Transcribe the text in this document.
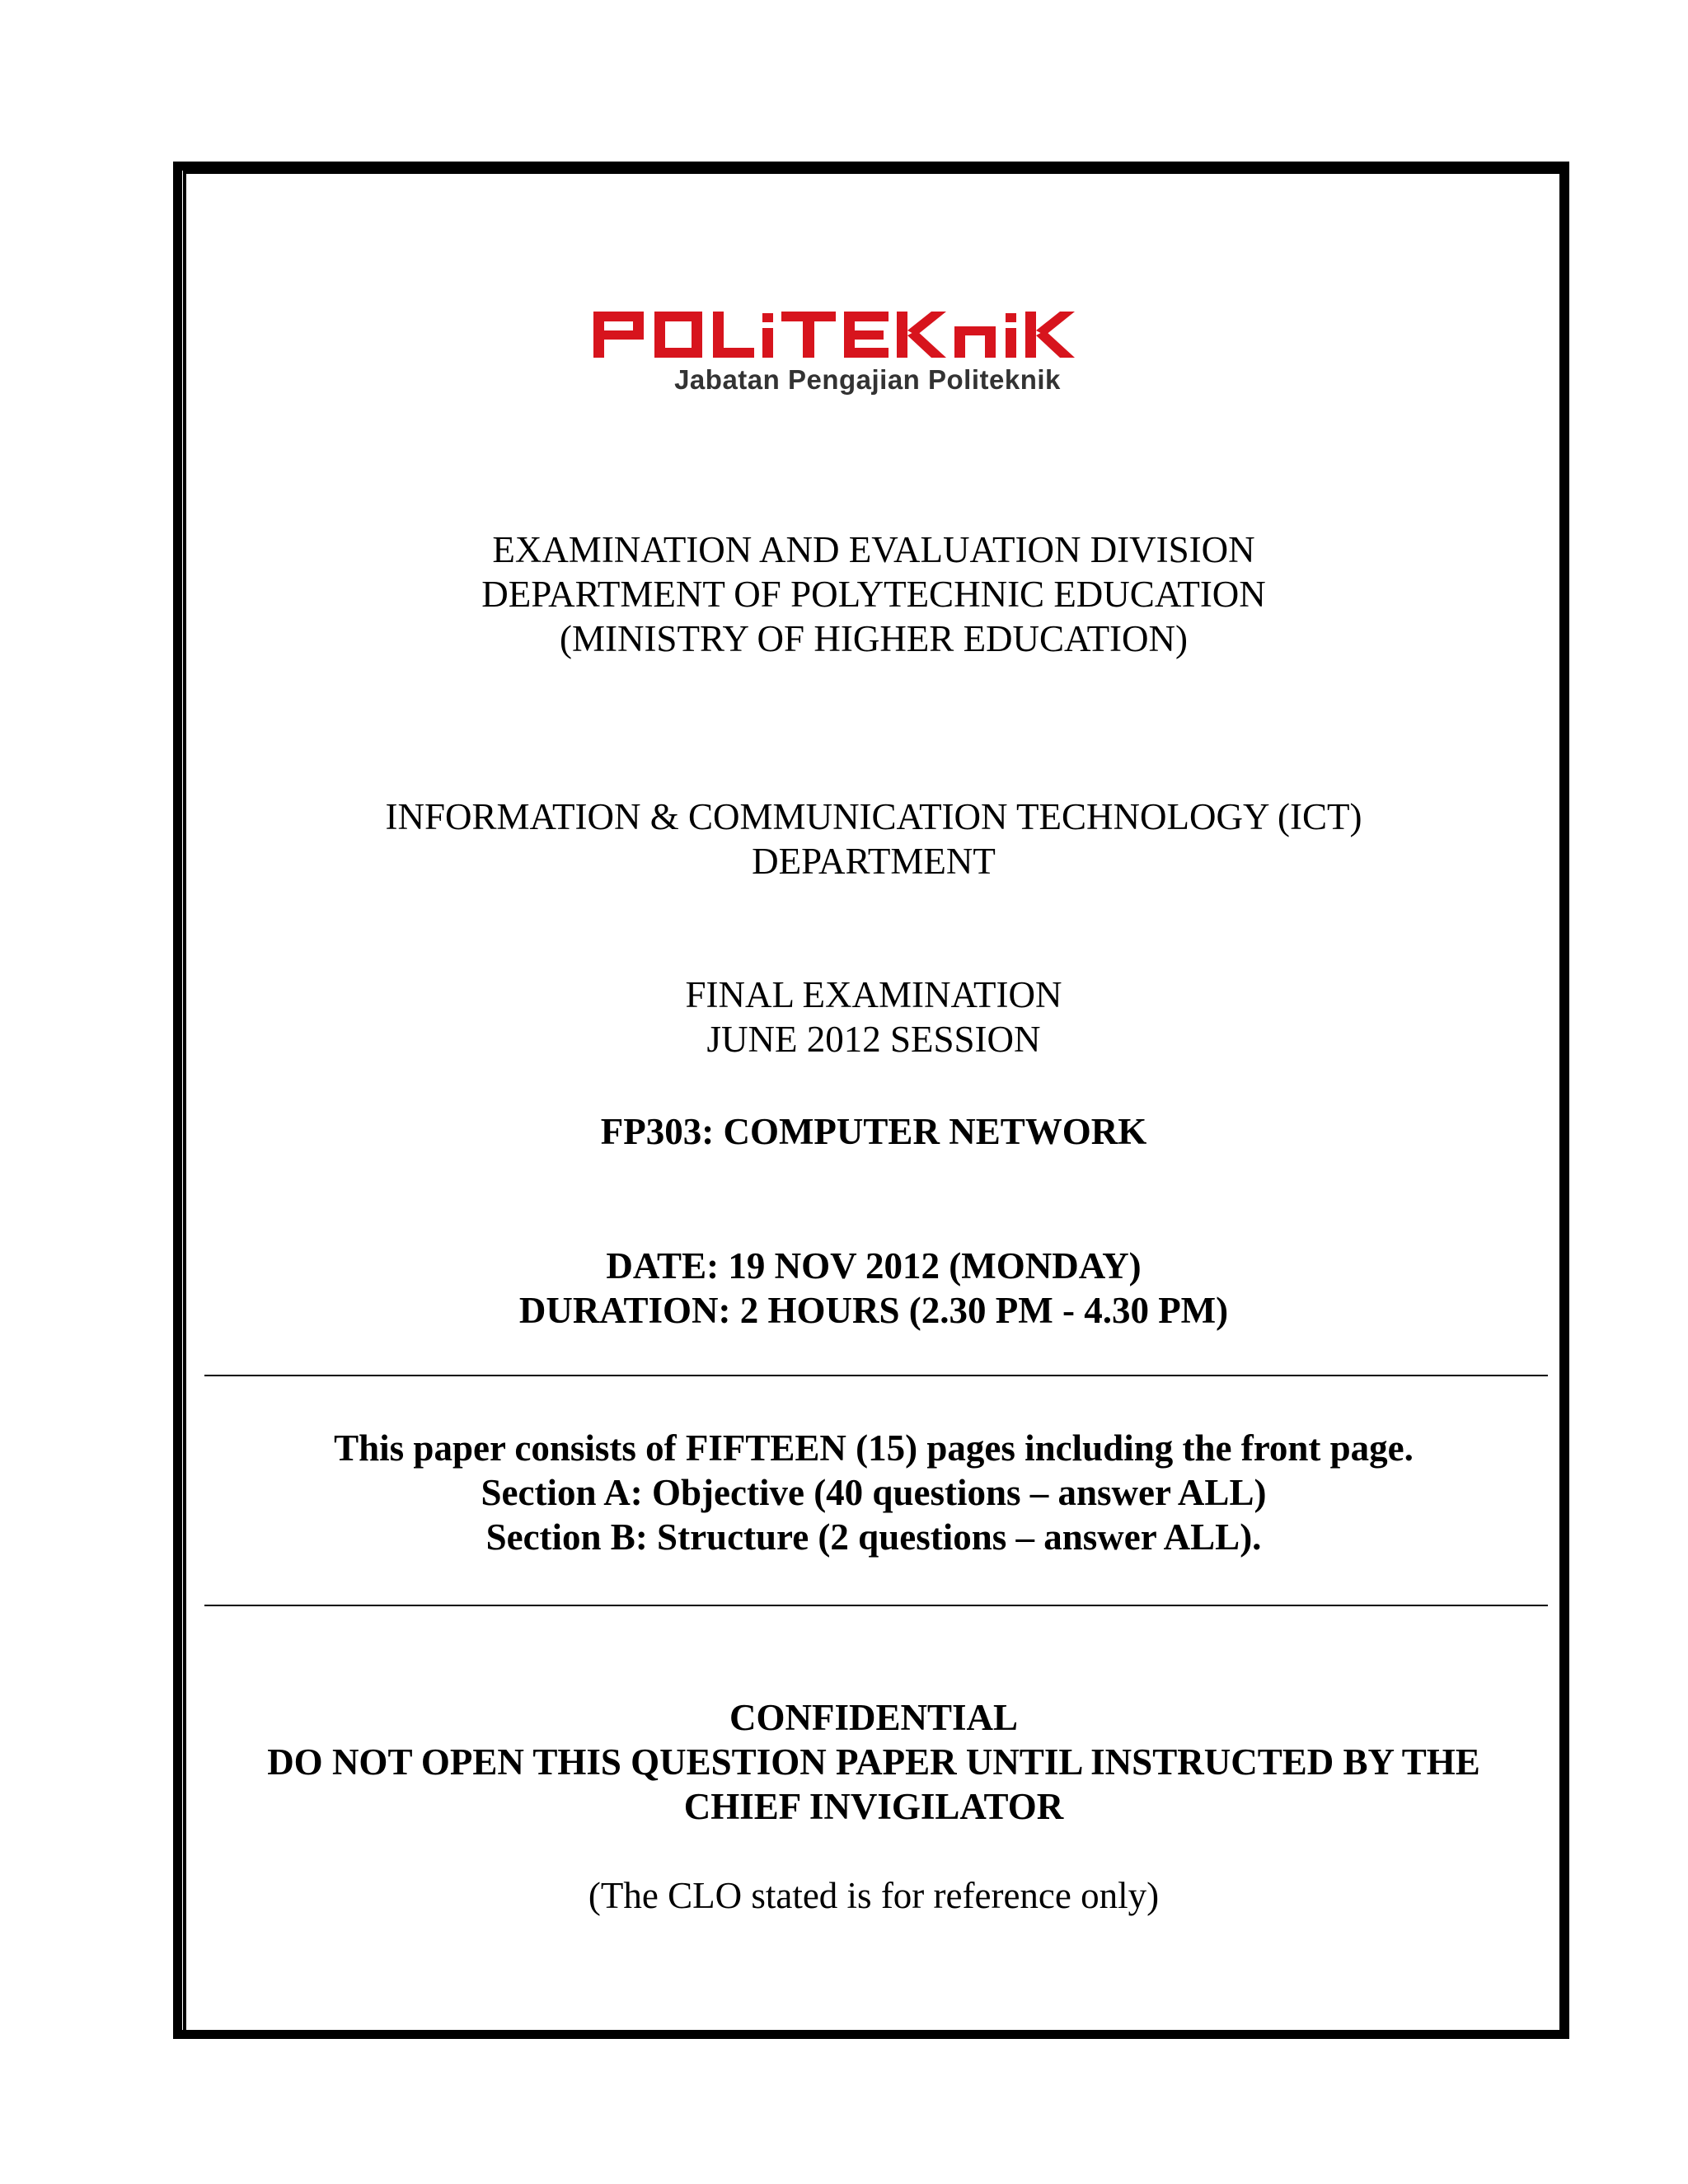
Jabatan Pengajian Politeknik
EXAMINATION AND EVALUATION DIVISION
DEPARTMENT OF POLYTECHNIC EDUCATION
(MINISTRY OF HIGHER EDUCATION)
INFORMATION & COMMUNICATION TECHNOLOGY (ICT)
DEPARTMENT
FINAL EXAMINATION
JUNE 2012 SESSION
FP303: COMPUTER NETWORK
DATE: 19 NOV 2012 (MONDAY)
DURATION: 2 HOURS (2.30 PM - 4.30 PM)
This paper consists of FIFTEEN (15) pages including the front page.
Section A: Objective (40 questions – answer ALL)
Section B: Structure (2 questions – answer ALL).
CONFIDENTIAL
DO NOT OPEN THIS QUESTION PAPER UNTIL INSTRUCTED BY THE
CHIEF INVIGILATOR
(The CLO stated is for reference only)
